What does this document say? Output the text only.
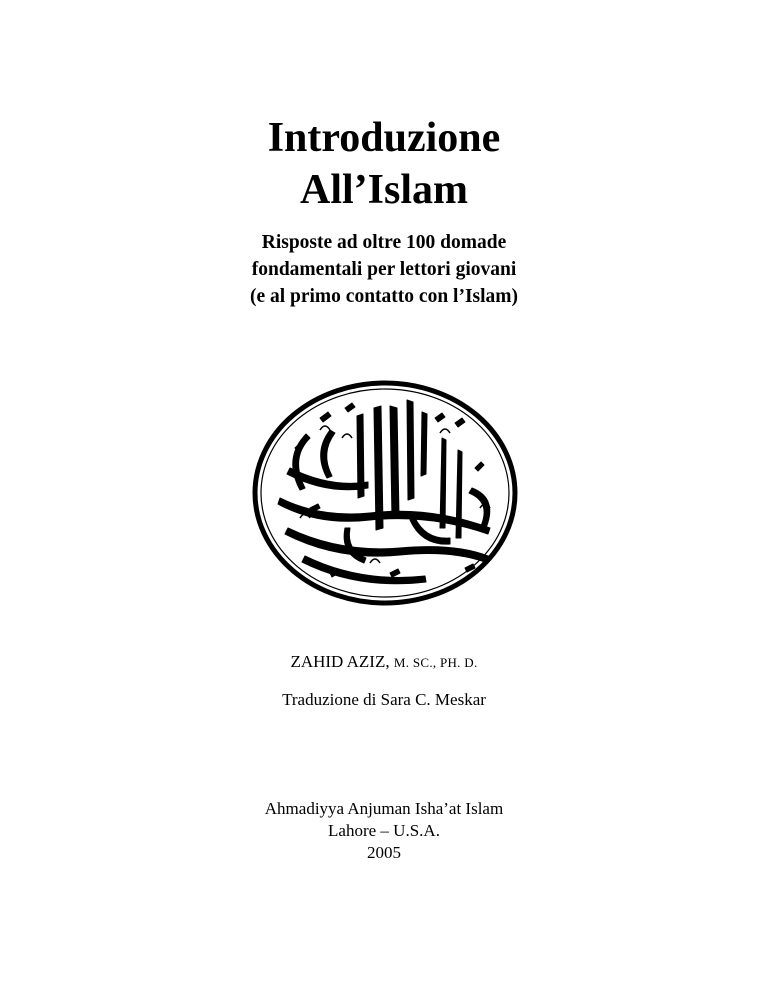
Introduzione
All’Islam
Risposte ad oltre 100 domade
fondamentali per lettori giovani
(e al primo contatto con l’Islam)
ZAHID AZIZ, M. SC., PH. D.
Traduzione di Sara C. Meskar
Ahmadiyya Anjuman Isha’at Islam
Lahore – U.S.A.
2005
